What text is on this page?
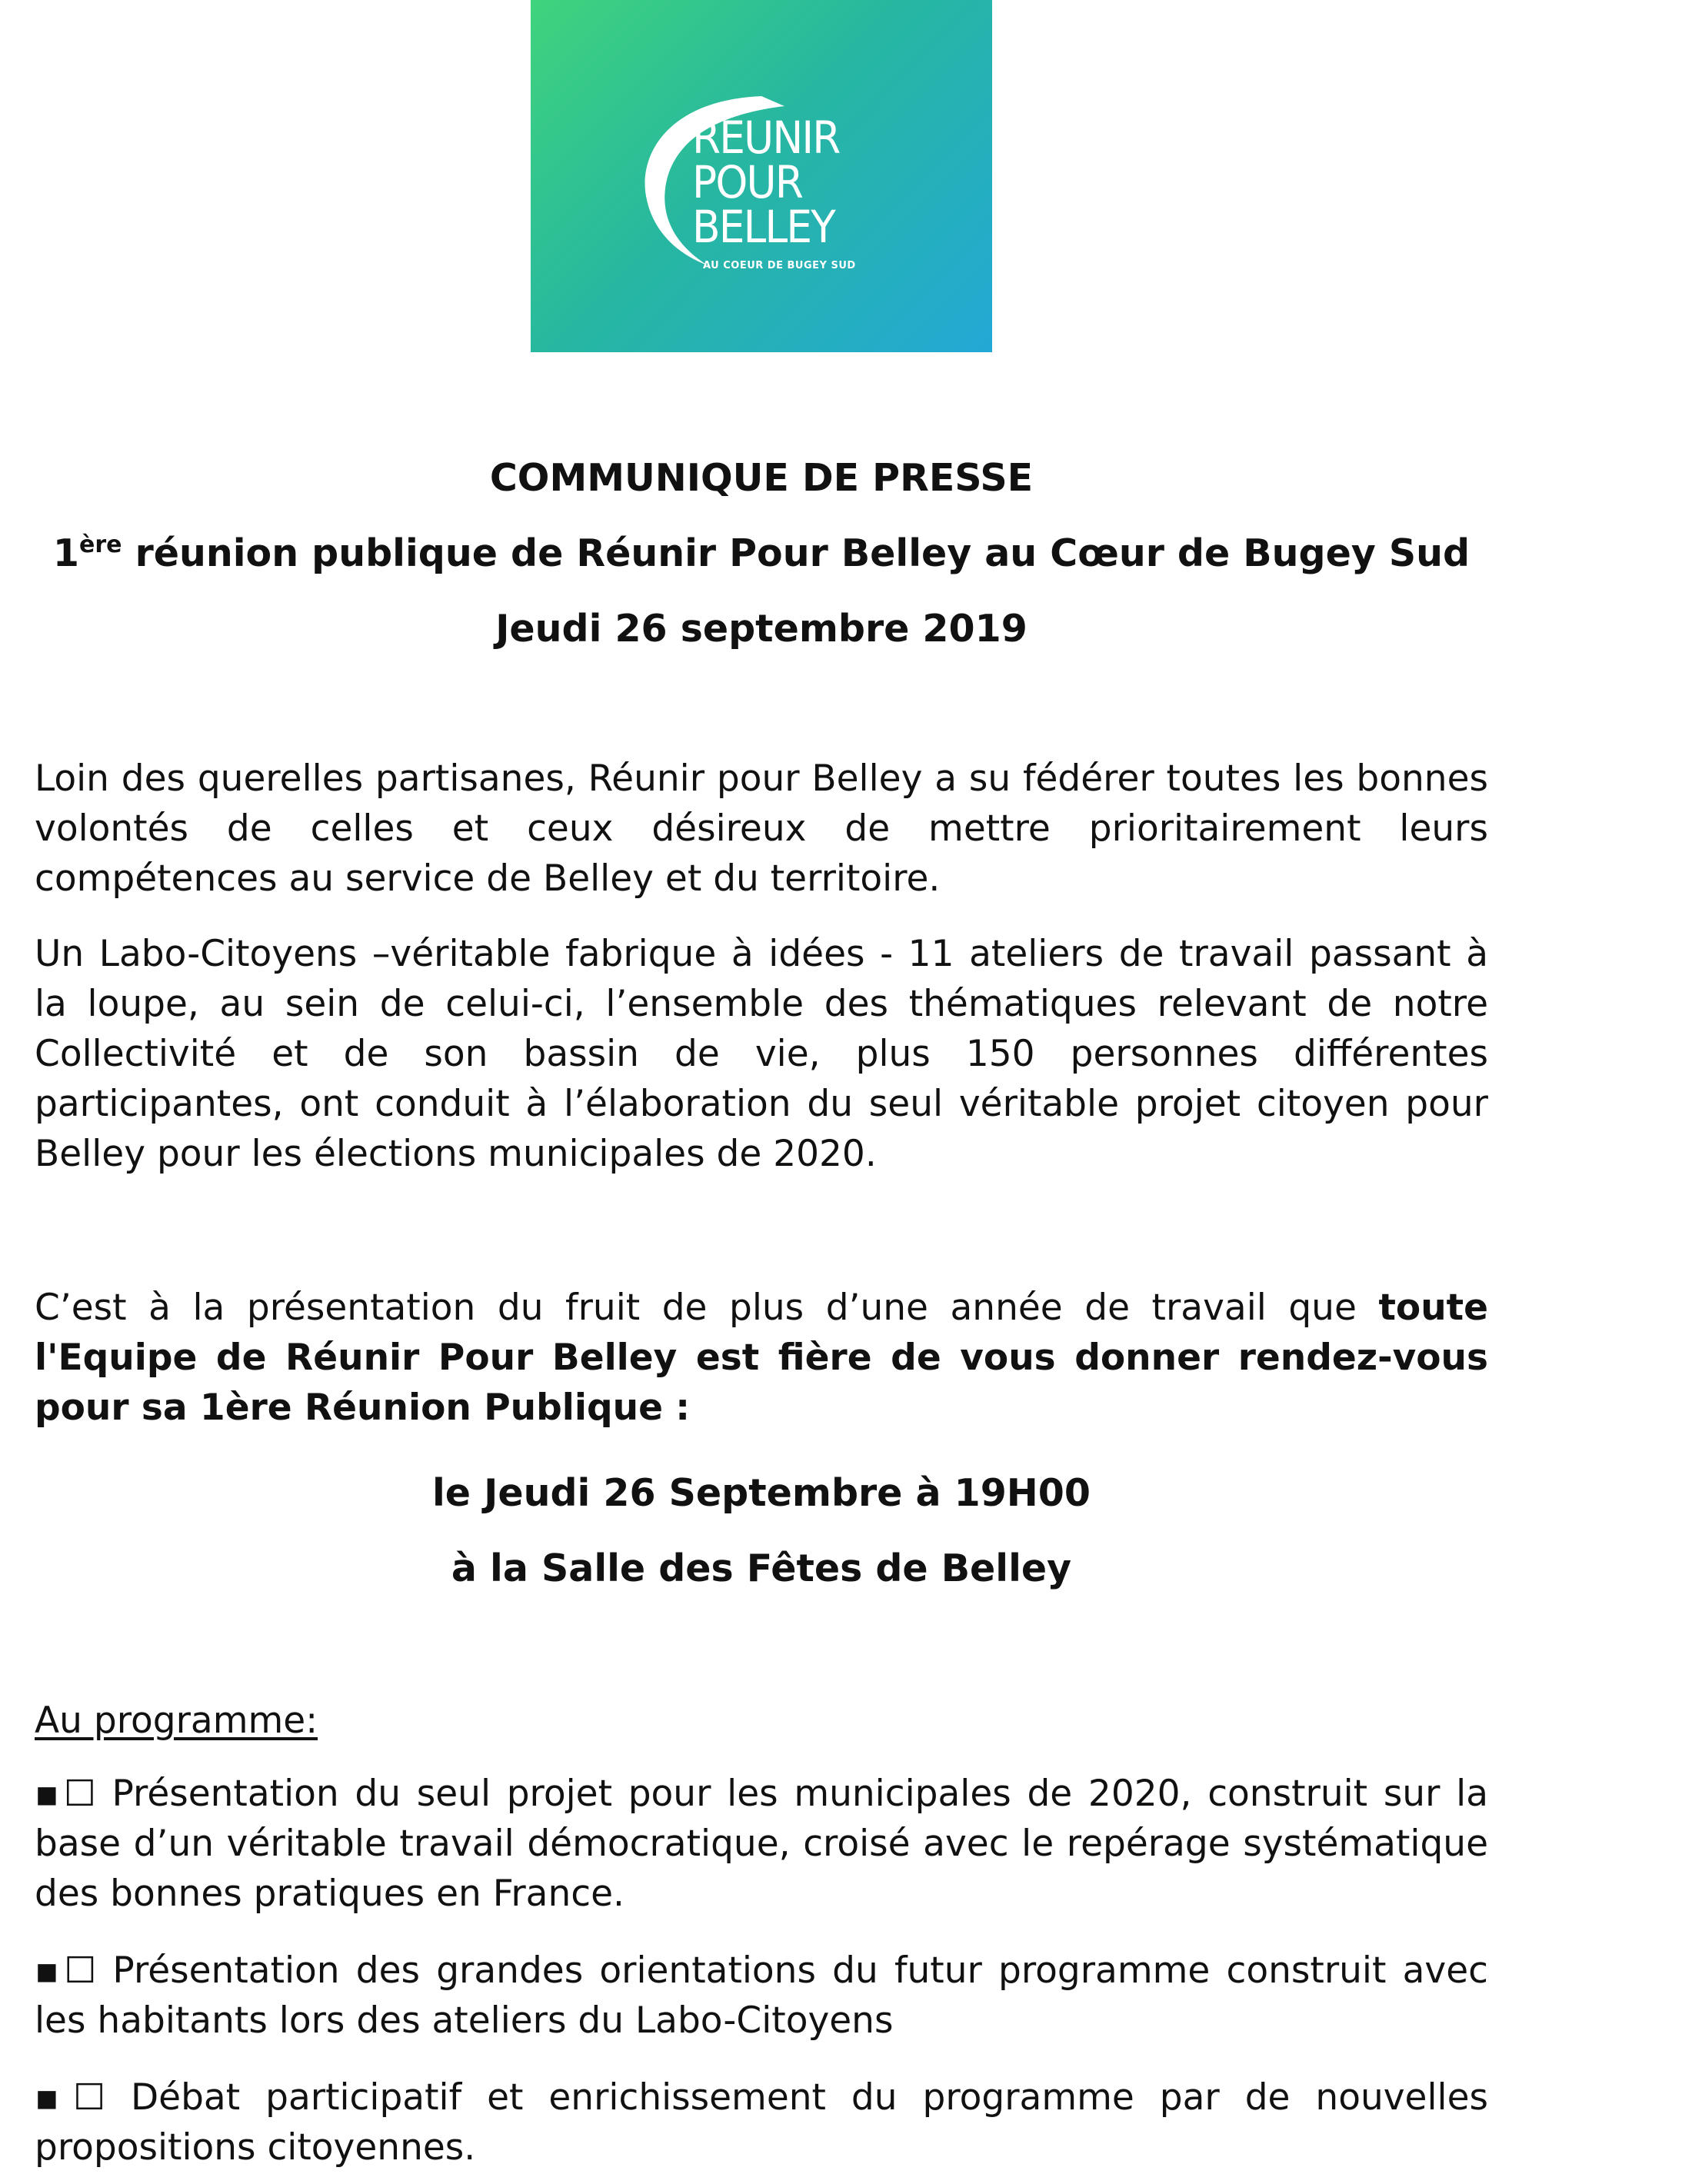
RÉUNIR
POUR
BELLEY
AU COEUR DE BUGEY SUD
COMMUNIQUE DE PRESSE
1ère réunion publique de Réunir Pour Belley au Cœur de Bugey Sud
Jeudi 26 septembre 2019

Loin des querelles partisanes, Réunir pour Belley a su fédérer toutes les bonnes volontés de celles et ceux désireux de mettre prioritairement leurs compétences au service de Belley et du territoire.

Un Labo-Citoyens –véritable fabrique à idées - 11 ateliers de travail passant à la loupe, au sein de celui-ci, l’ensemble des thématiques relevant de notre Collectivité et de son bassin de vie, plus 150 personnes différentes participantes, ont conduit à l’élaboration du seul véritable projet citoyen pour Belley pour les élections municipales de 2020.

C’est à la présentation du fruit de plus d’une année de travail que toute l'Equipe de Réunir Pour Belley est fière de vous donner rendez-vous pour sa 1ère Réunion Publique :

le Jeudi 26 Septembre à 19H00
à la Salle des Fêtes de Belley
Au programme:

▪☐ Présentation du seul projet pour les municipales de 2020, construit sur la base d’un véritable travail démocratique, croisé avec le repérage systématique des bonnes pratiques en France.

▪☐ Présentation des grandes orientations du futur programme construit avec les habitants lors des ateliers du Labo-Citoyens

▪☐ Débat participatif et enrichissement du programme par de nouvelles propositions citoyennes.
